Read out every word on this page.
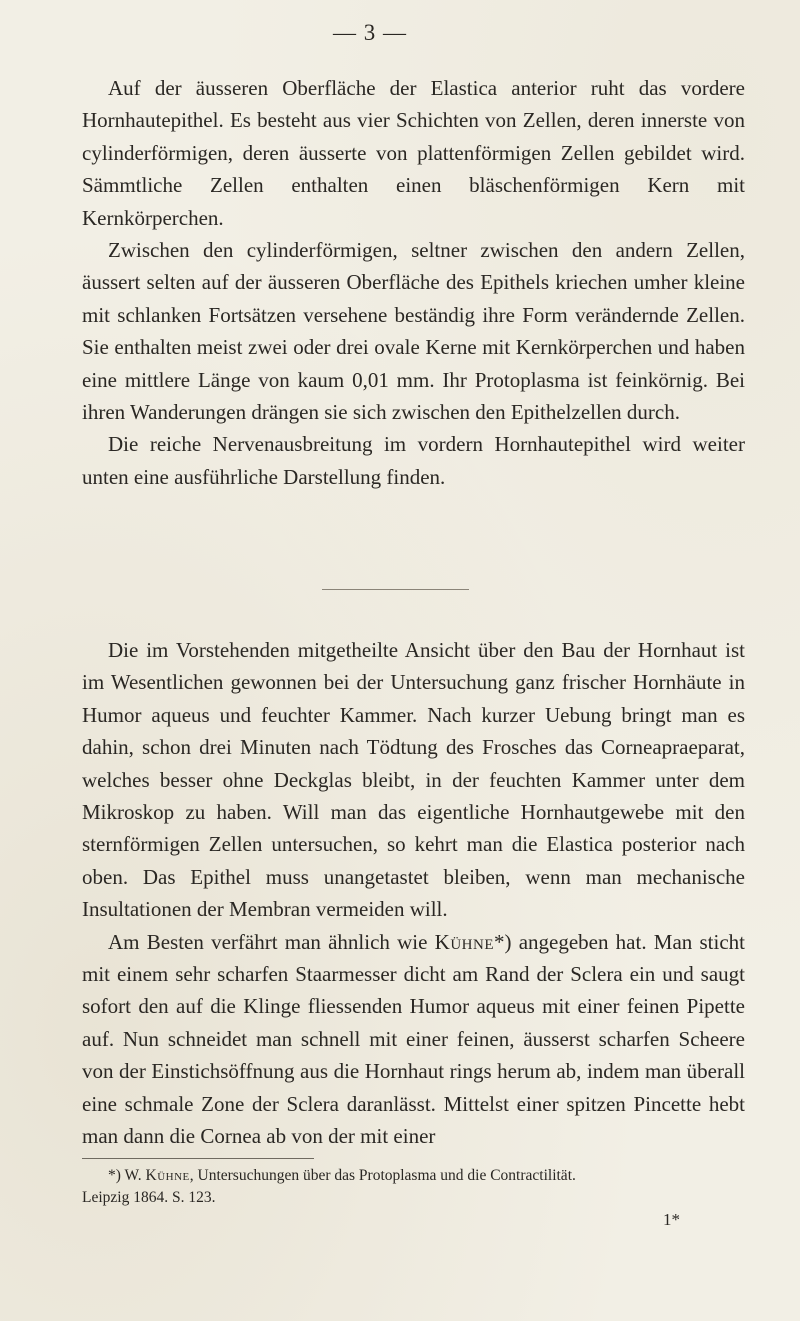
— 3 —

Auf der äusseren Oberfläche der Elastica anterior ruht das vordere Hornhautepithel. Es besteht aus vier Schichten von Zellen, deren innerste von cylinderförmigen, deren äusserte von plattenförmigen Zellen gebildet wird. Sämmtliche Zellen enthalten einen bläschenförmigen Kern mit Kernkörperchen.

Zwischen den cylinderförmigen, seltner zwischen den andern Zellen, äussert selten auf der äusseren Oberfläche des Epithels kriechen umher kleine mit schlanken Fortsätzen versehene beständig ihre Form verändernde Zellen. Sie enthalten meist zwei oder drei ovale Kerne mit Kernkörperchen und haben eine mittlere Länge von kaum 0,01 mm. Ihr Protoplasma ist feinkörnig. Bei ihren Wanderungen drängen sie sich zwischen den Epithelzellen durch.

Die reiche Nervenausbreitung im vordern Hornhautepithel wird weiter unten eine ausführliche Darstellung finden.

Die im Vorstehenden mitgetheilte Ansicht über den Bau der Hornhaut ist im Wesentlichen gewonnen bei der Untersuchung ganz frischer Hornhäute in Humor aqueus und feuchter Kammer. Nach kurzer Uebung bringt man es dahin, schon drei Minuten nach Tödtung des Frosches das Corneapraeparat, welches besser ohne Deckglas bleibt, in der feuchten Kammer unter dem Mikroskop zu haben. Will man das eigentliche Hornhautgewebe mit den sternförmigen Zellen untersuchen, so kehrt man die Elastica posterior nach oben. Das Epithel muss unangetastet bleiben, wenn man mechanische Insultationen der Membran vermeiden will.

Am Besten verfährt man ähnlich wie Kühne*) angegeben hat. Man sticht mit einem sehr scharfen Staarmesser dicht am Rand der Sclera ein und saugt sofort den auf die Klinge fliessenden Humor aqueus mit einer feinen Pipette auf. Nun schneidet man schnell mit einer feinen, äusserst scharfen Scheere von der Einstichsöffnung aus die Hornhaut rings herum ab, indem man überall eine schmale Zone der Sclera daranlässt. Mittelst einer spitzen Pincette hebt man dann die Cornea ab von der mit einer

*) W. Kühne, Untersuchungen über das Protoplasma und die Contractilität.
Leipzig 1864. S. 123.
1*
